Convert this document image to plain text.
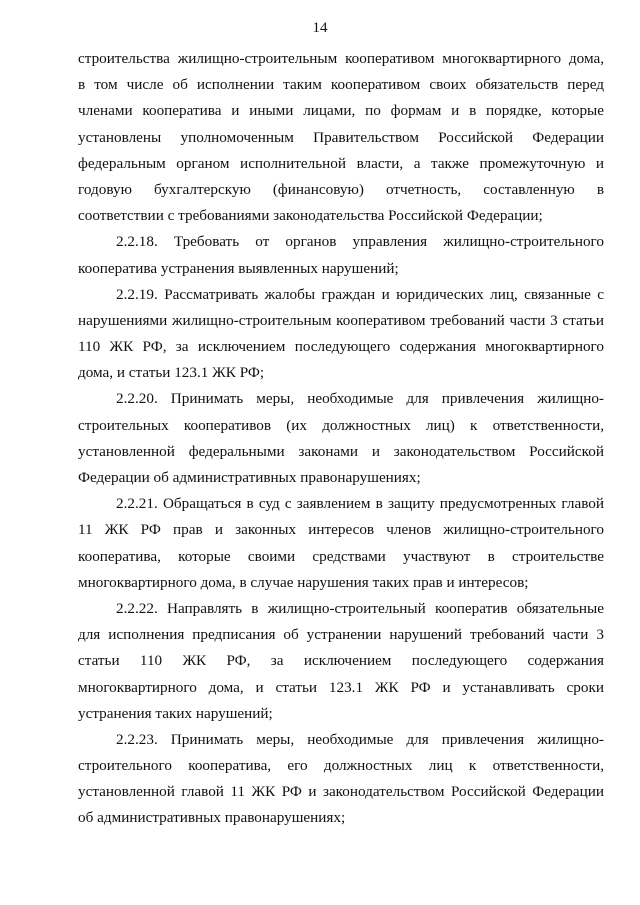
14
строительства жилищно-строительным кооперативом многоквартирного дома,
в том числе об исполнении таким кооперативом своих обязательств перед
членами кооператива и иными лицами, по формам и в порядке, которые
установлены уполномоченным Правительством Российской Федерации
федеральным органом исполнительной власти, а также промежуточную и
годовую бухгалтерскую (финансовую) отчетность, составленную в
соответствии с требованиями законодательства Российской Федерации;
2.2.18. Требовать от органов управления жилищно-строительного
кооператива устранения выявленных нарушений;
2.2.19. Рассматривать жалобы граждан и юридических лиц, связанные с
нарушениями жилищно-строительным кооперативом требований части 3 статьи
110 ЖК РФ, за исключением последующего содержания многоквартирного
дома, и статьи 123.1 ЖК РФ;
2.2.20. Принимать меры, необходимые для привлечения жилищно-
строительных кооперативов (их должностных лиц) к ответственности,
установленной федеральными законами и законодательством Российской
Федерации об административных правонарушениях;
2.2.21. Обращаться в суд с заявлением в защиту предусмотренных главой
11 ЖК РФ прав и законных интересов членов жилищно-строительного
кооператива, которые своими средствами участвуют в строительстве
многоквартирного дома, в случае нарушения таких прав и интересов;
2.2.22. Направлять в жилищно-строительный кооператив обязательные
для исполнения предписания об устранении нарушений требований части 3
статьи 110 ЖК РФ, за исключением последующего содержания
многоквартирного дома, и статьи 123.1 ЖК РФ и устанавливать сроки
устранения таких нарушений;
2.2.23. Принимать меры, необходимые для привлечения жилищно-
строительного кооператива, его должностных лиц к ответственности,
установленной главой 11 ЖК РФ и законодательством Российской Федерации
об административных правонарушениях;
